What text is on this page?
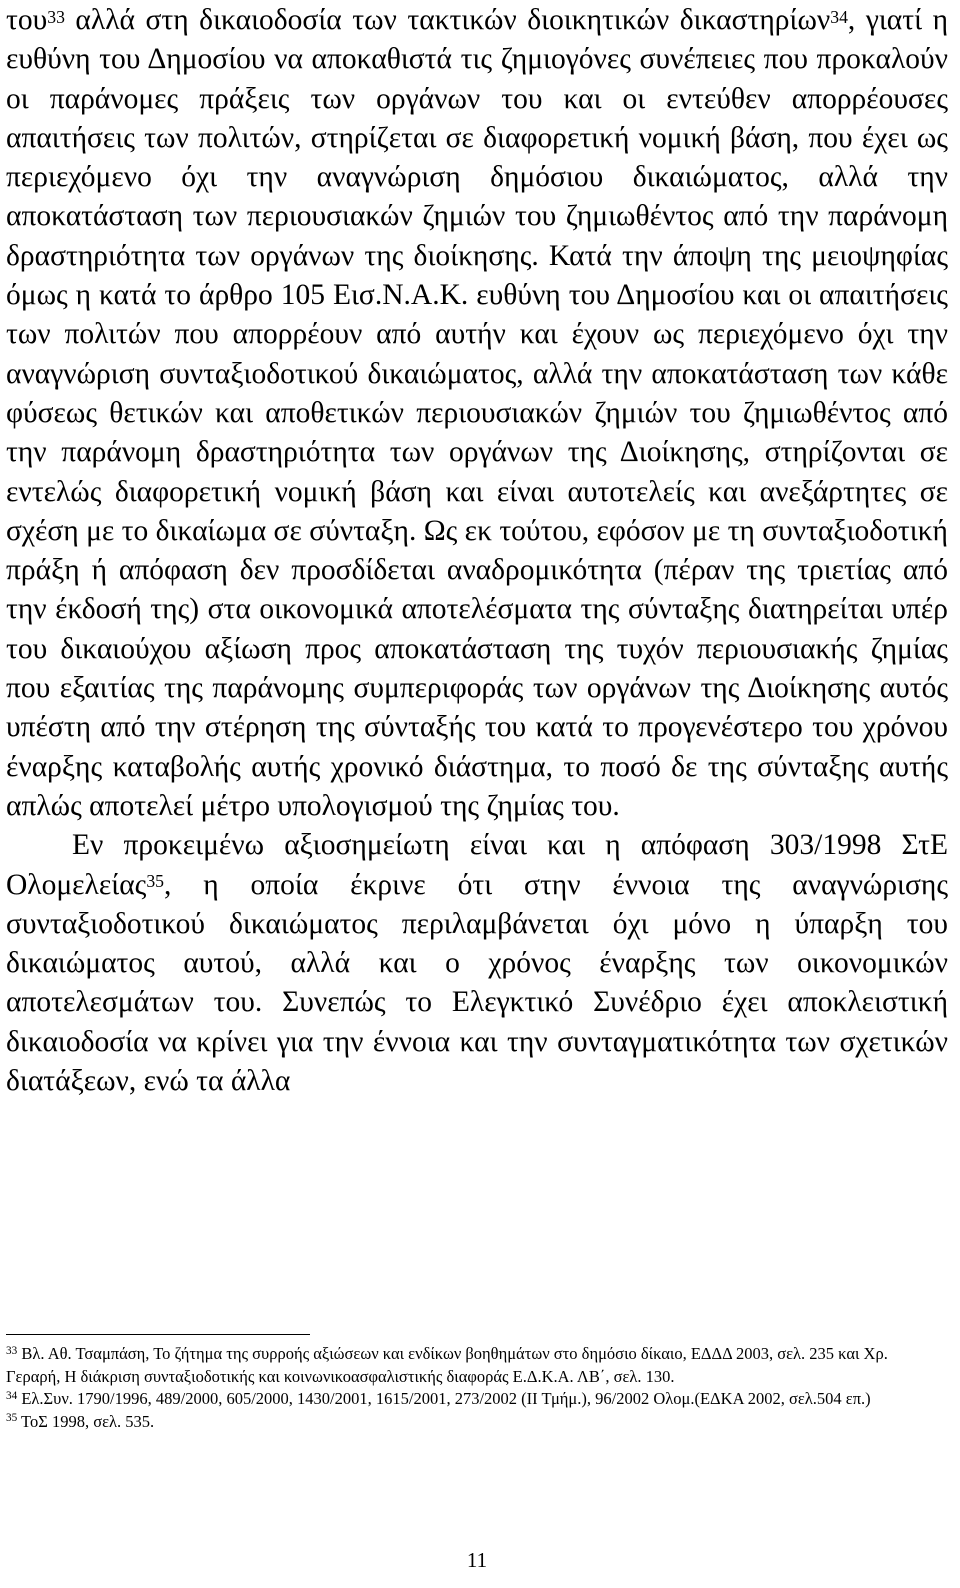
του$^{33}$ αλλά στη δικαιοδοσία των τακτικών διοικητικών δικαστηρίων$^{34}$, γιατί η ευθύνη του Δημοσίου να αποκαθιστά τις ζημιογόνες συνέπειες που προκαλούν οι παράνομες πράξεις των οργάνων του και οι εντεύθεν απορρέουσες απαιτήσεις των πολιτών, στηρίζεται σε διαφορετική νομική βάση, που έχει ως περιεχόμενο όχι την αναγνώριση δημόσιου δικαιώματος, αλλά την αποκατάσταση των περιουσιακών ζημιών του ζημιωθέντος από την παράνομη δραστηριότητα των οργάνων της διοίκησης. Κατά την άποψη της μειοψηφίας όμως η κατά το άρθρο 105 Εισ.Ν.Α.Κ. ευθύνη του Δημοσίου και οι απαιτήσεις των πολιτών που απορρέουν από αυτήν και έχουν ως περιεχόμενο όχι την αναγνώριση συνταξιοδοτικού δικαιώματος, αλλά την αποκατάσταση των κάθε φύσεως θετικών και αποθετικών περιουσιακών ζημιών του ζημιωθέντος από την παράνομη δραστηριότητα των οργάνων της Διοίκησης, στηρίζονται σε εντελώς διαφορετική νομική βάση και είναι αυτοτελείς και ανεξάρτητες σε σχέση με το δικαίωμα σε σύνταξη. Ως εκ τούτου, εφόσον με τη συνταξιοδοτική πράξη ή απόφαση δεν προσδίδεται αναδρομικότητα (πέραν της τριετίας από την έκδοσή της) στα οικονομικά αποτελέσματα της σύνταξης διατηρείται υπέρ του δικαιούχου αξίωση προς αποκατάσταση της τυχόν περιουσιακής ζημίας που εξαιτίας της παράνομης συμπεριφοράς των οργάνων της Διοίκησης αυτός υπέστη από την στέρηση της σύνταξής του κατά το προγενέστερο του χρόνου έναρξης καταβολής αυτής χρονικό διάστημα, το ποσό δε της σύνταξης αυτής απλώς αποτελεί μέτρο υπολογισμού της ζημίας του.

Εν προκειμένω αξιοσημείωτη είναι και η απόφαση 303/1998 ΣτΕ Ολομελείας$^{35}$, η οποία έκρινε ότι στην έννοια της αναγνώρισης συνταξιοδοτικού δικαιώματος περιλαμβάνεται όχι μόνο η ύπαρξη του δικαιώματος αυτού, αλλά και ο χρόνος έναρξης των οικονομικών αποτελεσμάτων του. Συνεπώς το Ελεγκτικό Συνέδριο έχει αποκλειστική δικαιοδοσία να κρίνει για την έννοια και την συνταγματικότητα των σχετικών διατάξεων, ενώ τα άλλα

$^{33}$ Βλ. Αθ. Τσαμπάση, Το ζήτημα της συρροής αξιώσεων και ενδίκων βοηθημάτων στο δημόσιο δίκαιο, ΕΔΔΔ 2003, σελ. 235 και Χρ. Γεραρή, Η διάκριση συνταξιοδοτικής και κοινωνικοασφαλιστικής διαφοράς Ε.Δ.Κ.Α. ΛΒ΄, σελ. 130.

$^{34}$ Ελ.Συν. 1790/1996, 489/2000, 605/2000, 1430/2001, 1615/2001, 273/2002 (ΙΙ Τμήμ.), 96/2002 Ολομ.(ΕΔΚΑ 2002, σελ.504 επ.)

$^{35}$ ΤοΣ 1998, σελ. 535.

11
